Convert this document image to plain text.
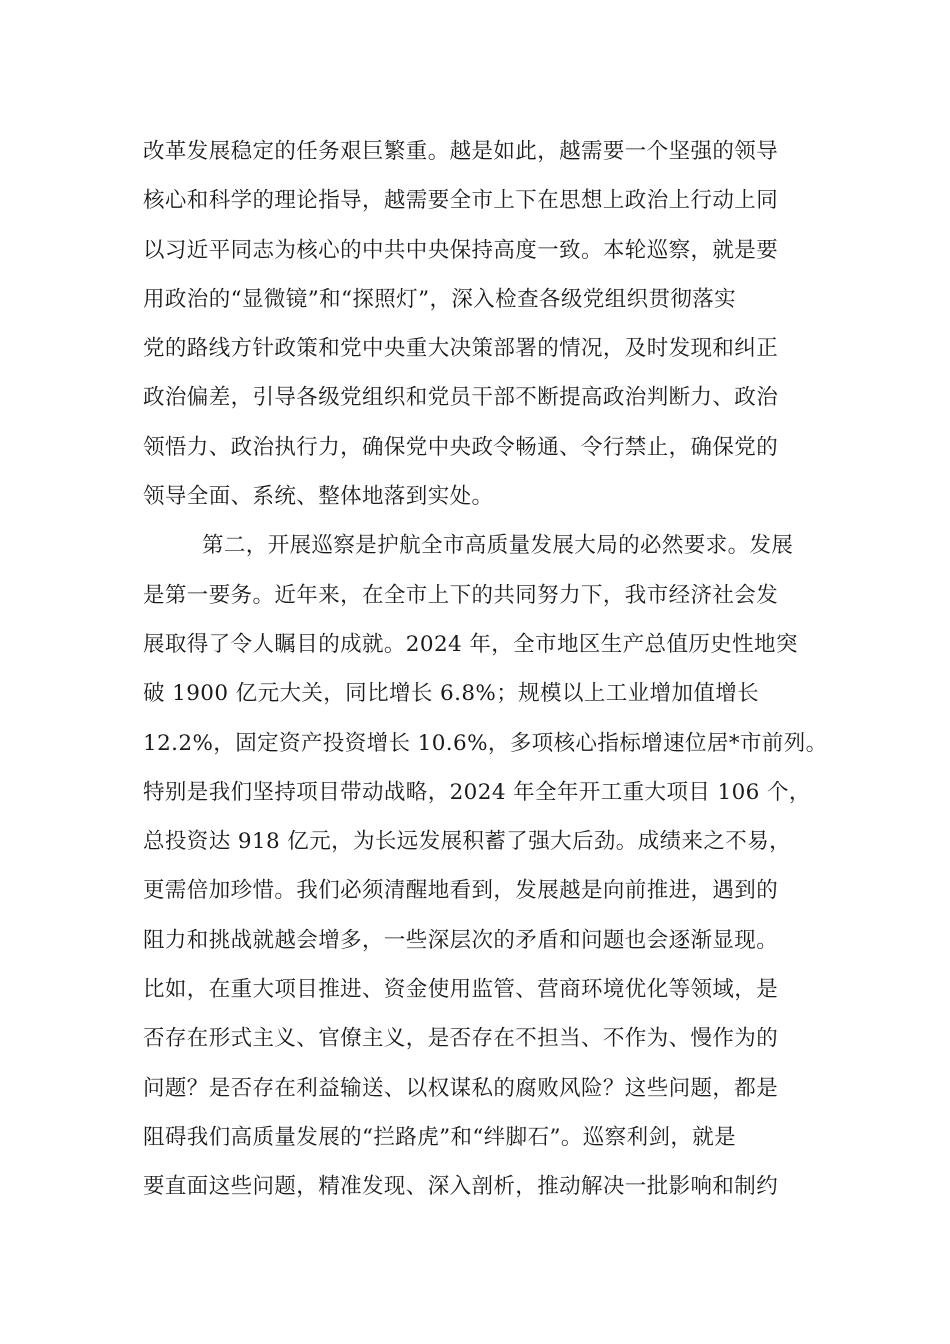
改革发展稳定的任务艰巨繁重。越是如此，越需要一个坚强的领导
核心和科学的理论指导，越需要全市上下在思想上政治上行动上同
以习近平同志为核心的中共中央保持高度一致。本轮巡察，就是要
用政治的“显微镜”和“探照灯”，深入检查各级党组织贯彻落实
党的路线方针政策和党中央重大决策部署的情况，及时发现和纠正
政治偏差，引导各级党组织和党员干部不断提高政治判断力、政治
领悟力、政治执行力，确保党中央政令畅通、令行禁止，确保党的
领导全面、系统、整体地落到实处。
第二，开展巡察是护航全市高质量发展大局的必然要求。发展
是第一要务。近年来，在全市上下的共同努力下，我市经济社会发
展取得了令人瞩目的成就。2024 年，全市地区生产总值历史性地突
破 1900 亿元大关，同比增长 6.8%；规模以上工业增加值增长
12.2%，固定资产投资增长 10.6%，多项核心指标增速位居*市前列。
特别是我们坚持项目带动战略，2024 年全年开工重大项目 106 个，
总投资达 918 亿元，为长远发展积蓄了强大后劲。成绩来之不易，
更需倍加珍惜。我们必须清醒地看到，发展越是向前推进，遇到的
阻力和挑战就越会增多，一些深层次的矛盾和问题也会逐渐显现。
比如，在重大项目推进、资金使用监管、营商环境优化等领域，是
否存在形式主义、官僚主义，是否存在不担当、不作为、慢作为的
问题？是否存在利益输送、以权谋私的腐败风险？这些问题，都是
阻碍我们高质量发展的“拦路虎”和“绊脚石”。巡察利剑，就是
要直面这些问题，精准发现、深入剖析，推动解决一批影响和制约
